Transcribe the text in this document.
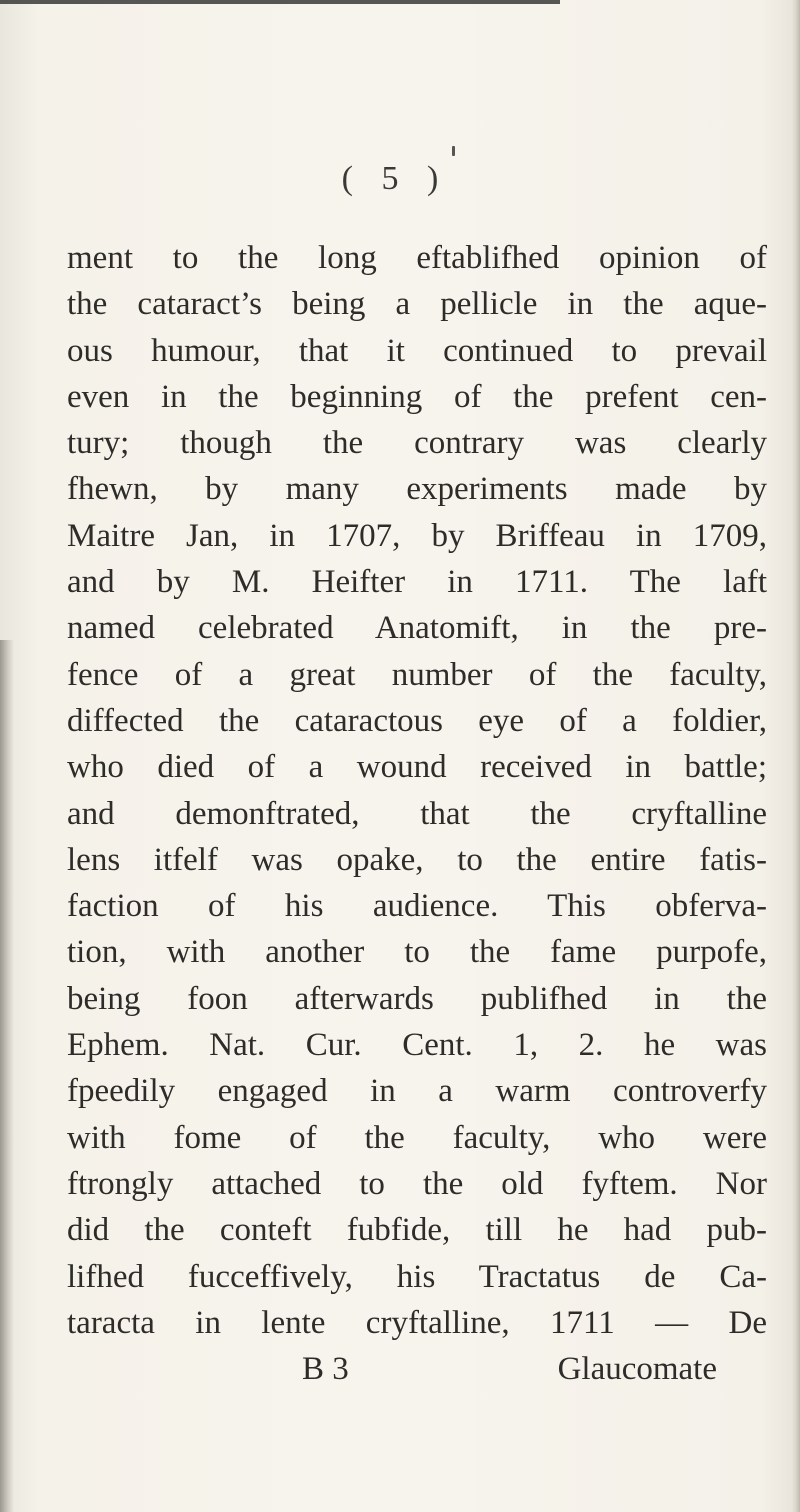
( 5 )
ment to the long eftablifhed opinion of
the cataract’s being a pellicle in the aque-
ous humour, that it continued to prevail
even in the beginning of the prefent cen-
tury; though the contrary was clearly
fhewn, by many experiments made by
Maitre Jan, in 1707, by Briffeau in 1709,
and by M. Heifter in 1711. The laft
named celebrated Anatomift, in the pre-
fence of a great number of the faculty,
diffected the cataractous eye of a foldier,
who died of a wound received in battle;
and demonftrated, that the cryftalline
lens itfelf was opake, to the entire fatis-
faction of his audience. This obferva-
tion, with another to the fame purpofe,
being foon afterwards publifhed in the
Ephem. Nat. Cur. Cent. 1, 2. he was
fpeedily engaged in a warm controverfy
with fome of the faculty, who were
ftrongly attached to the old fyftem. Nor
did the conteft fubfide, till he had pub-
lifhed fucceffively, his Tractatus de Ca-
taracta in lente cryftalline, 1711 — De
B 3	Glaucomate
